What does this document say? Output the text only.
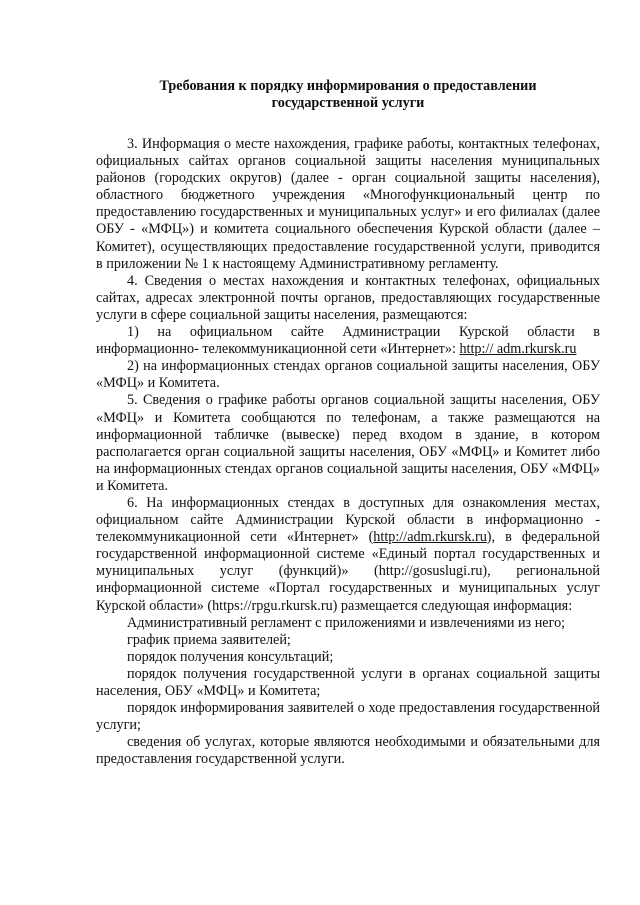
Требования к порядку информирования о предоставлении
государственной услуги

3. Информация о месте нахождения, графике работы, контактных телефонах, официальных сайтах органов социальной защиты населения муниципальных районов (городских округов) (далее - орган социальной защиты населения), областного бюджетного учреждения «Многофункциональный центр по предоставлению государственных и муниципальных услуг» и его филиалах (далее ОБУ - «МФЦ») и комитета социального обеспечения Курской области (далее – Комитет), осуществляющих предоставление государственной услуги, приводится в приложении № 1 к настоящему Административному регламенту.

4. Сведения о местах нахождения и контактных телефонах, официальных сайтах, адресах электронной почты органов, предоставляющих государственные услуги в сфере социальной защиты населения, размещаются:

1) на официальном сайте Администрации Курской области в информационно- телекоммуникационной сети «Интернет»: http:// adm.rkursk.ru

2) на информационных стендах органов социальной защиты населения, ОБУ «МФЦ» и Комитета.

5. Сведения о графике работы органов социальной защиты населения, ОБУ «МФЦ» и Комитета сообщаются по телефонам, а также размещаются на информационной табличке (вывеске) перед входом в здание, в котором располагается орган социальной защиты населения, ОБУ «МФЦ» и Комитет либо на информационных стендах органов социальной защиты населения, ОБУ «МФЦ» и Комитета.

6. На информационных стендах в доступных для ознакомления местах, официальном сайте Администрации Курской области в информационно - телекоммуникационной сети «Интернет» (http://adm.rkursk.ru), в федеральной государственной информационной системе «Единый портал государственных и муниципальных услуг (функций)» (http://gosuslugi.ru), региональной информационной системе «Портал государственных и муниципальных услуг Курской области» (https://rpgu.rkursk.ru) размещается следующая информация:

Административный регламент с приложениями и извлечениями из него;

график приема заявителей;

порядок получения консультаций;

порядок получения государственной услуги в органах социальной защиты населения, ОБУ «МФЦ» и Комитета;

порядок информирования заявителей о ходе предоставления государственной услуги;

сведения об услугах, которые являются необходимыми и обязательными для предоставления государственной услуги.
